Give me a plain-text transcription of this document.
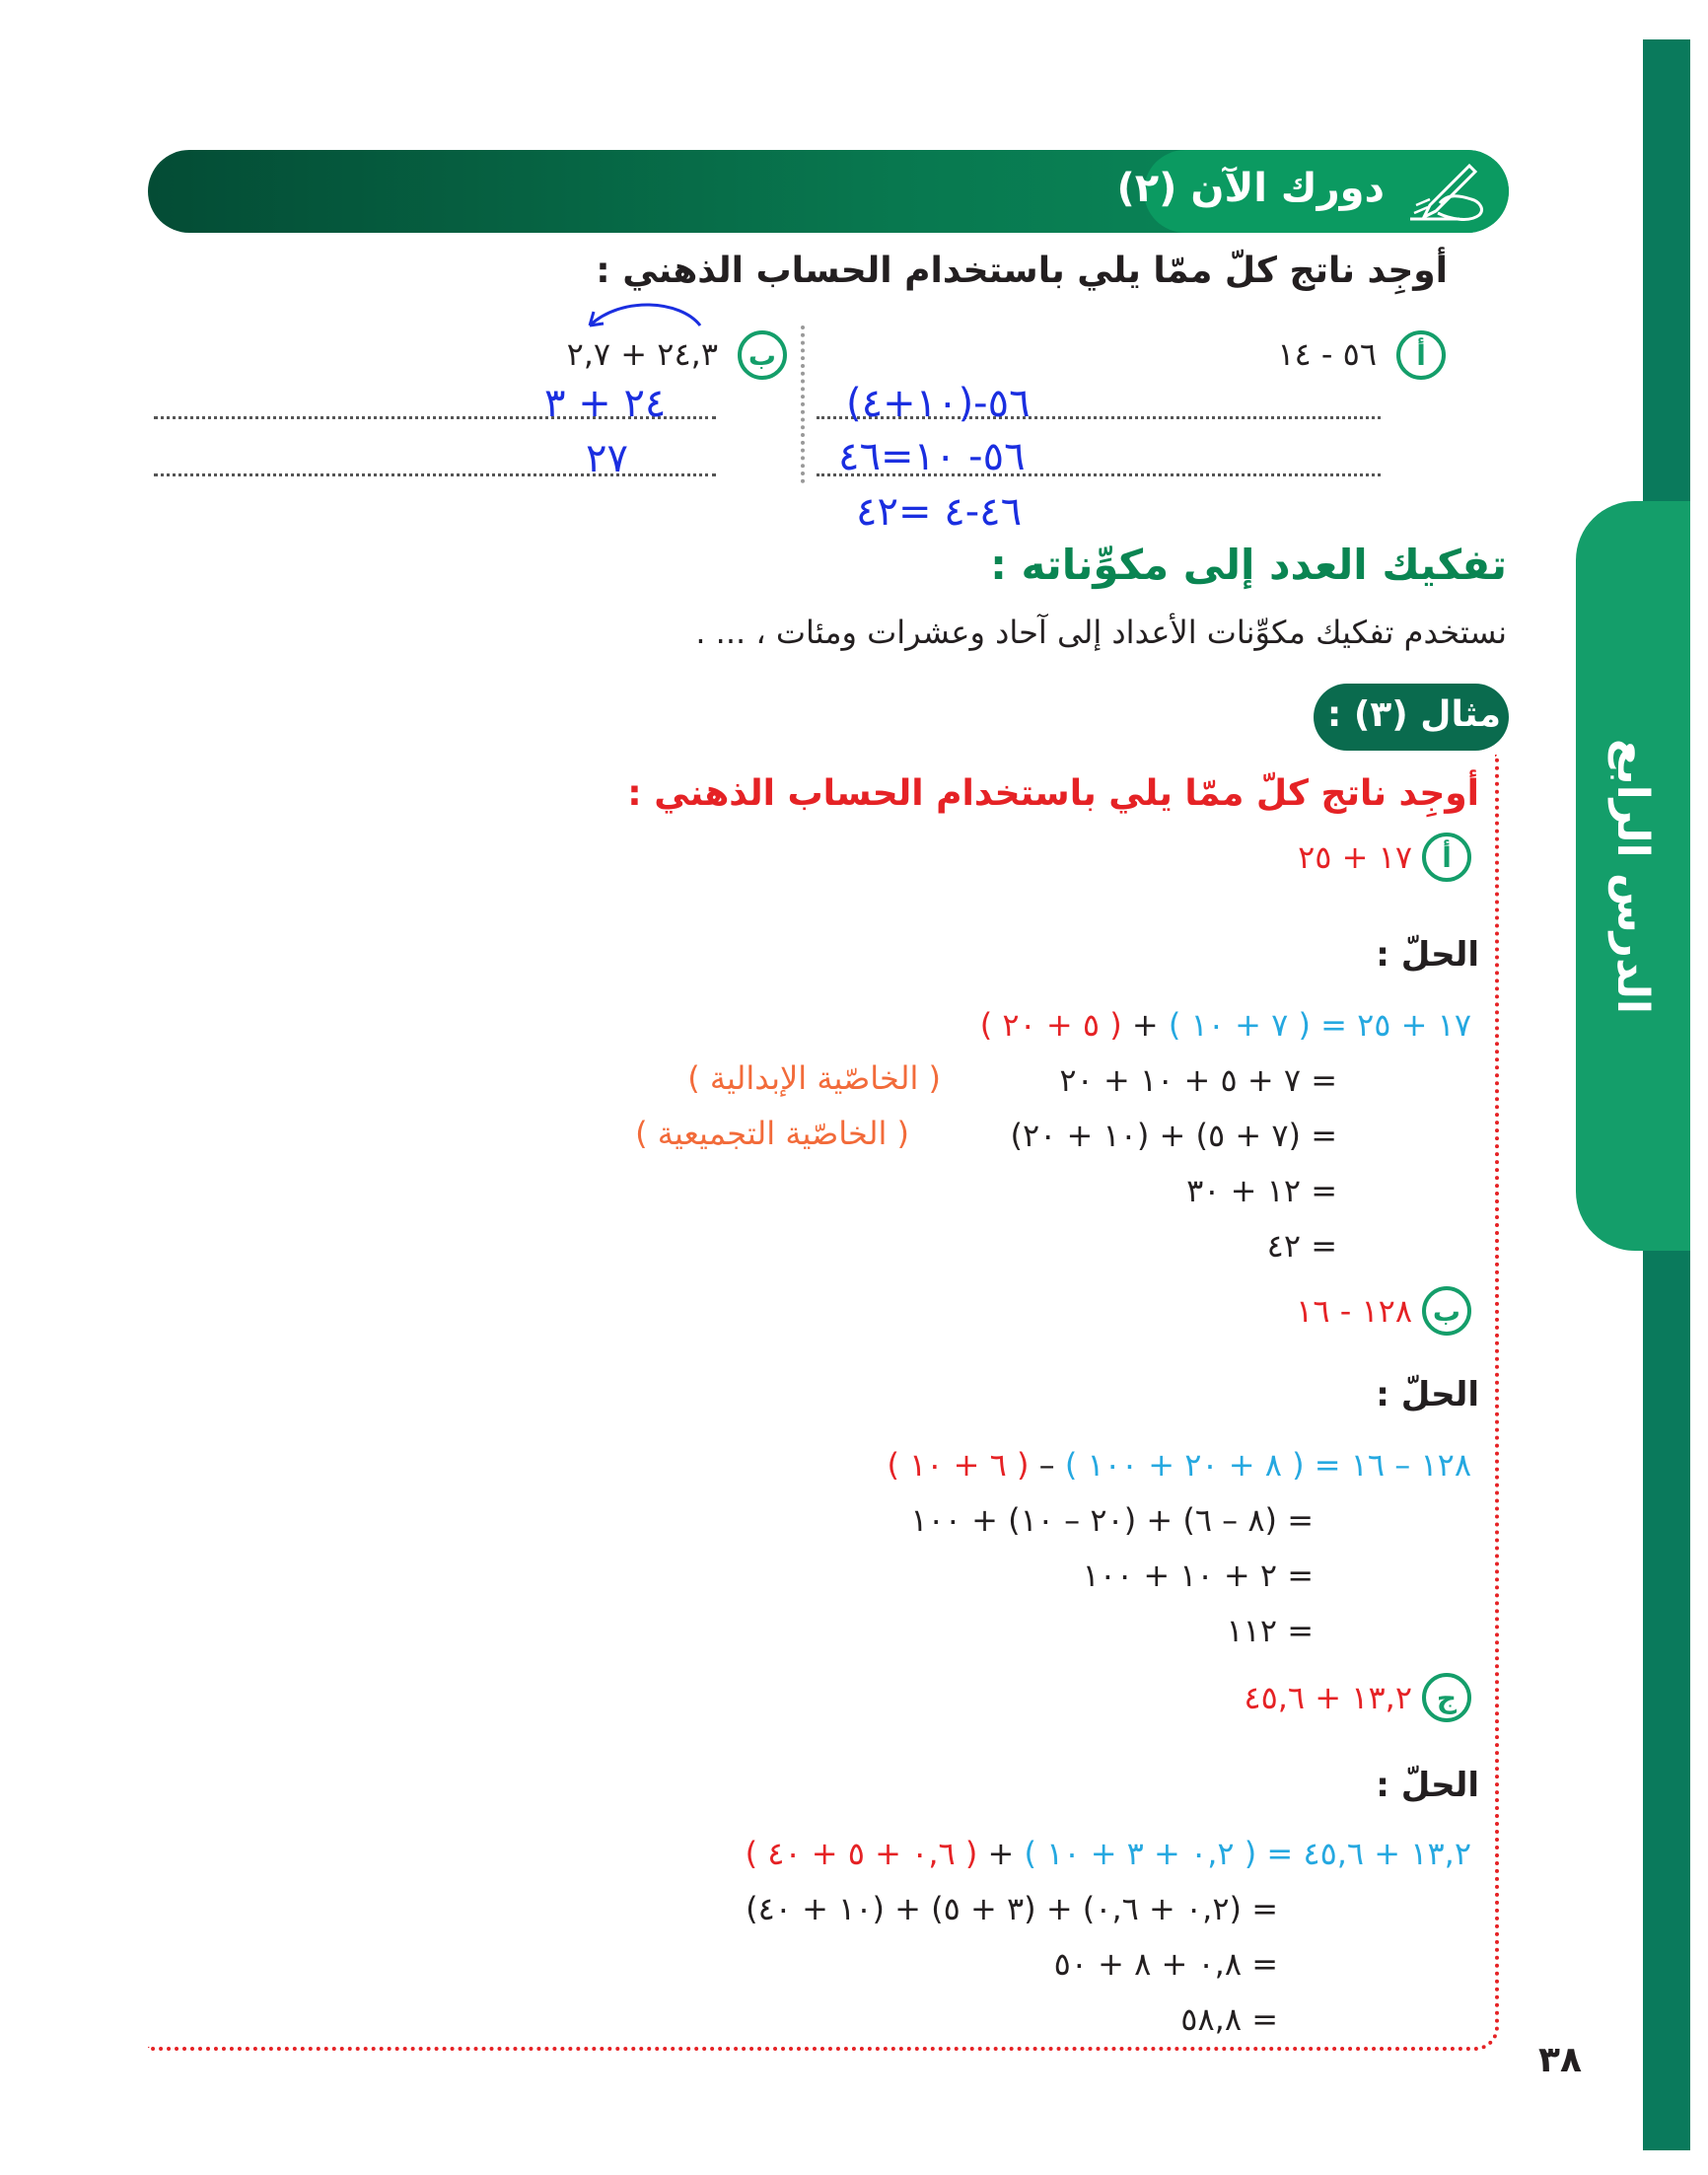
الدرس الرابع
دورك الآن (٢)
أوجِد ناتج كلّ ممّا يلي باستخدام الحساب الذهني :
أ
٥٦ - ١٤
٥٦-(١٠+٤)
٥٦- ١٠=٤٦
٤٦-٤ =٤٢
ب
٢٤,٣ + ٢,٧
٢٤ + ٣
٢٧
تفكيك العدد إلى مكوِّناته :
نستخدم تفكيك مكوِّنات الأعداد إلى آحاد وعشرات ومئات ، ... .
مثال (٣) :
أوجِد ناتج كلّ ممّا يلي باستخدام الحساب الذهني :
أ
١٧ + ٢٥
الحلّ :
١٧ + ٢٥ = ( ٧ + ١٠ ) + ( ٥ + ٢٠ )
= ٧ + ٥ + ١٠ + ٢٠
( الخاصّية الإبدالية )
= (٧ + ٥) + (١٠ + ٢٠)
( الخاصّية التجميعية )
= ١٢ + ٣٠
= ٤٢
ب
١٢٨ - ١٦
الحلّ :
١٢٨ – ١٦ = ( ٨ + ٢٠ + ١٠٠ ) – ( ٦ + ١٠ )
= (٨ – ٦) + (٢٠ – ١٠) + ١٠٠
= ٢ + ١٠ + ١٠٠
= ١١٢
ج
١٣,٢ + ٤٥,٦
الحلّ :
١٣,٢ + ٤٥,٦ = ( ٠,٢ + ٣ + ١٠ ) + ( ٠,٦ + ٥ + ٤٠ )
= (٠,٢ + ٠,٦) + (٣ + ٥) + (١٠ + ٤٠)
= ٠,٨ + ٨ + ٥٠
= ٥٨,٨
٣٨
